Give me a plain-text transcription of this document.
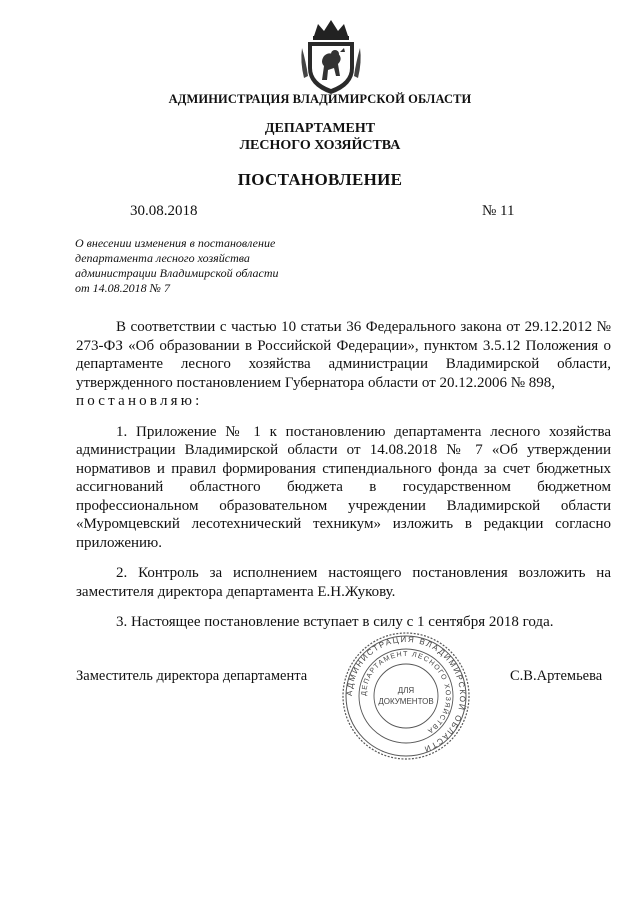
АДМИНИСТРАЦИЯ ВЛАДИМИРСКОЙ ОБЛАСТИ
ДЕПАРТАМЕНТ
ЛЕСНОГО ХОЗЯЙСТВА
ПОСТАНОВЛЕНИЕ
30.08.2018	№ 11
О внесении изменения в постановление
департамента лесного хозяйства
администрации Владимирской области
от 14.08.2018 № 7

В соответствии с частью 10 статьи 36 Федерального закона от 29.12.2012 № 273-ФЗ «Об образовании в Российской Федерации», пунктом 3.5.12 Положения о департаменте лесного хозяйства администрации Владимирской области, утвержденного постановлением Губернатора области от 20.12.2006 № 898,

постановляю:

1. Приложение № 1 к постановлению департамента лесного хозяйства администрации Владимирской области от 14.08.2018 № 7 «Об утверждении нормативов и правил формирования стипендиального фонда за счет бюджетных ассигнований областного бюджета в государственном бюджетном профессиональном образовательном учреждении Владимирской области «Муромцевский лесотехнический техникум» изложить в редакции согласно приложению.

2. Контроль за исполнением настоящего постановления возложить на заместителя директора департамента Е.Н.Жукову.

3. Настоящее постановление вступает в силу с 1 сентября 2018 года.

Заместитель директора департамента	С.В.Артемьева
АДМИНИСТРАЦИЯ ВЛАДИМИРСКОЙ ОБЛАСТИ
ДЕПАРТАМЕНТ ЛЕСНОГО ХОЗЯЙСТВА
ДЛЯ
ДОКУМЕНТОВ
